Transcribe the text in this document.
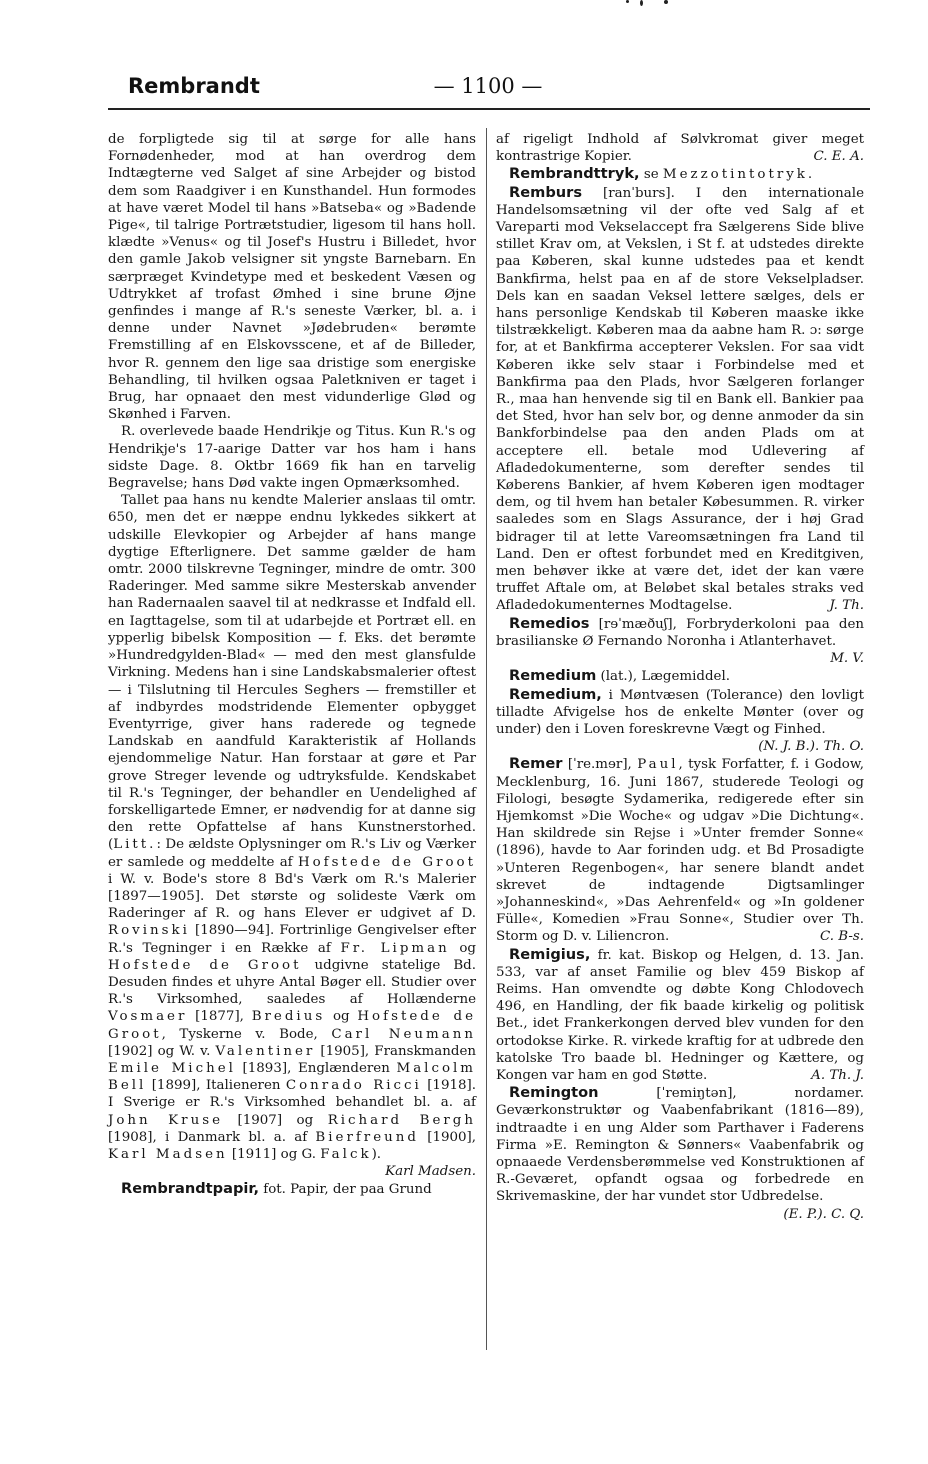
Rembrandt	— 1100 —

de forpligtede sig til at sørge for alle hans Fornødenheder, mod at han overdrog dem Indtægterne ved Salget af sine Arbejder og bistod dem som Raadgiver i en Kunsthandel. Hun formodes at have været Model til hans »Batseba« og »Badende Pige«, til talrige Portrætstudier, ligesom til hans holl. klædte »Venus« og til Josef's Hustru i Billedet, hvor den gamle Jakob velsigner sit yngste Barnebarn. En særpræget Kvindetype med et beskedent Væsen og Udtrykket af trofast Ømhed i sine brune Øjne genfindes i mange af R.'s seneste Værker, bl. a. i denne under Navnet »Jødebruden« berømte Fremstilling af en Elskovsscene, et af de Billeder, hvor R. gennem den lige saa dristige som energiske Behandling, til hvilken ogsaa Paletkniven er taget i Brug, har opnaaet den mest vidunderlige Glød og Skønhed i Farven.

R. overlevede baade Hendrikje og Titus. Kun R.'s og Hendrikje's 17-aarige Datter var hos ham i hans sidste Dage. 8. Oktbr 1669 fik han en tarvelig Begravelse; hans Død vakte ingen Opmærksomhed.

Tallet paa hans nu kendte Malerier anslaas til omtr. 650, men det er næppe endnu lykkedes sikkert at udskille Elevkopier og Arbejder af hans mange dygtige Efterlignere. Det samme gælder de ham omtr. 2000 tilskrevne Tegninger, mindre de omtr. 300 Raderinger. Med samme sikre Mesterskab anvender han Radernaalen saavel til at nedkrasse et Indfald ell. en Iagttagelse, som til at udarbejde et Portræt ell. en ypperlig bibelsk Komposition — f. Eks. det berømte »Hundredgylden-Blad« — med den mest glansfulde Virkning. Medens han i sine Landskabsmalerier oftest — i Tilslutning til Hercules Seghers — fremstiller et af indbyrdes modstridende Elementer opbygget Eventyrrige, giver hans raderede og tegnede Landskab en aandfuld Karakteristik af Hollands ejendommelige Natur. Han forstaar at gøre et Par grove Streger levende og udtryksfulde. Kendskabet til R.'s Tegninger, der behandler en Uendelighed af forskelligartede Emner, er nødvendig for at danne sig den rette Opfattelse af hans Kunstnerstorhed. (Litt.: De ældste Oplysninger om R.'s Liv og Værker er samlede og meddelte af Hofstede de Groot i W. v. Bode's store 8 Bd's Værk om R.'s Malerier [1897—1905]. Det største og solideste Værk om Raderinger af R. og hans Elever er udgivet af D. Rovinski [1890—94]. Fortrinlige Gengivelser efter R.'s Tegninger i en Række af Fr. Lipman og Hofstede de Groot udgivne statelige Bd. Desuden findes et uhyre Antal Bøger ell. Studier over R.'s Virksomhed, saaledes af Hollænderne Vosmaer [1877], Bredius og Hofstede de Groot, Tyskerne v. Bode, Carl Neumann [1902] og W. v. Valentiner [1905], Franskmanden Emile Michel [1893], Englænderen Malcolm Bell [1899], Italieneren Conrado Ricci [1918]. I Sverige er R.'s Virksomhed behandlet bl. a. af John Kruse [1907] og Richard Bergh [1908], i Danmark bl. a. af Bierfreund [1900], Karl Madsen [1911] og G. Falck).
Karl Madsen.

Rembrandtpapir, fot. Papir, der paa Grund

af rigeligt Indhold af Sølvkromat giver meget kontrastrige Kopier.	C. E. A.

Rembrandttryk, se Mezzotintotryk.

Remburs [ranˈburs]. I den internationale Handelsomsætning vil der ofte ved Salg af et Vareparti mod Vekselaccept fra Sælgerens Side blive stillet Krav om, at Vekslen, i St f. at udstedes direkte paa Køberen, skal kunne udstedes paa et kendt Bankfirma, helst paa en af de store Vekselpladser. Dels kan en saadan Veksel lettere sælges, dels er hans personlige Kendskab til Køberen maaske ikke tilstrækkeligt. Køberen maa da aabne ham R. ɔ: sørge for, at et Bankfirma accepterer Vekslen. For saa vidt Køberen ikke selv staar i Forbindelse med et Bankfirma paa den Plads, hvor Sælgeren forlanger R., maa han henvende sig til en Bank ell. Bankier paa det Sted, hvor han selv bor, og denne anmoder da sin Bankforbindelse paa den anden Plads om at acceptere ell. betale mod Udlevering af Afladedokumenterne, som derefter sendes til Køberens Bankier, af hvem Køberen igen modtager dem, og til hvem han betaler Købesummen. R. virker saaledes som en Slags Assurance, der i høj Grad bidrager til at lette Vareomsætningen fra Land til Land. Den er oftest forbundet med en Kreditgiven, men behøver ikke at være det, idet der kan være truffet Aftale om, at Beløbet skal betales straks ved Afladedokumenternes Modtagelse.	J. Th.

Remedios [rɘˈmæðuʃ], Forbryderkoloni paa den brasilianske Ø Fernando Noronha i Atlanterhavet.
M. V.

Remedium (lat.), Lægemiddel.

Remedium, i Møntvæsen (Tolerance) den lovligt tilladte Afvigelse hos de enkelte Mønter (over og under) den i Loven foreskrevne Vægt og Finhed.
(N. J. B.). Th. O.

Remer [ˈre.mɘr], Paul, tysk Forfatter, f. i Godow, Mecklenburg, 16. Juni 1867, studerede Teologi og Filologi, besøgte Sydamerika, redigerede efter sin Hjemkomst »Die Woche« og udgav »Die Dichtung«. Han skildrede sin Rejse i »Unter fremder Sonne« (1896), havde to Aar forinden udg. et Bd Prosadigte »Unteren Regenbogen«, har senere blandt andet skrevet de indtagende Digtsamlinger »Johanneskind«, »Das Aehrenfeld« og »In goldener Fülle«, Komedien »Frau Sonne«, Studier over Th. Storm og D. v. Liliencron.	C. B-s.

Remigius, fr. kat. Biskop og Helgen, d. 13. Jan. 533, var af anset Familie og blev 459 Biskop af Reims. Han omvendte og døbte Kong Chlodovech 496, en Handling, der fik baade kirkelig og politisk Bet., idet Frankerkongen derved blev vunden for den ortodokse Kirke. R. virkede kraftig for at udbrede den katolske Tro baade bl. Hedninger og Kættere, og Kongen var ham en god Støtte.	A. Th. J.

Remington [ˈremiŋtən], nordamer. Geværkonstruktør og Vaabenfabrikant (1816—89), indtraadte i en ung Alder som Parthaver i Faderens Firma »E. Remington & Sønners« Vaabenfabrik og opnaaede Verdensberømmelse ved Konstruktionen af R.-Geværet, opfandt ogsaa og forbedrede en Skrivemaskine, der har vundet stor Udbredelse.
(E. P.). C. Q.
